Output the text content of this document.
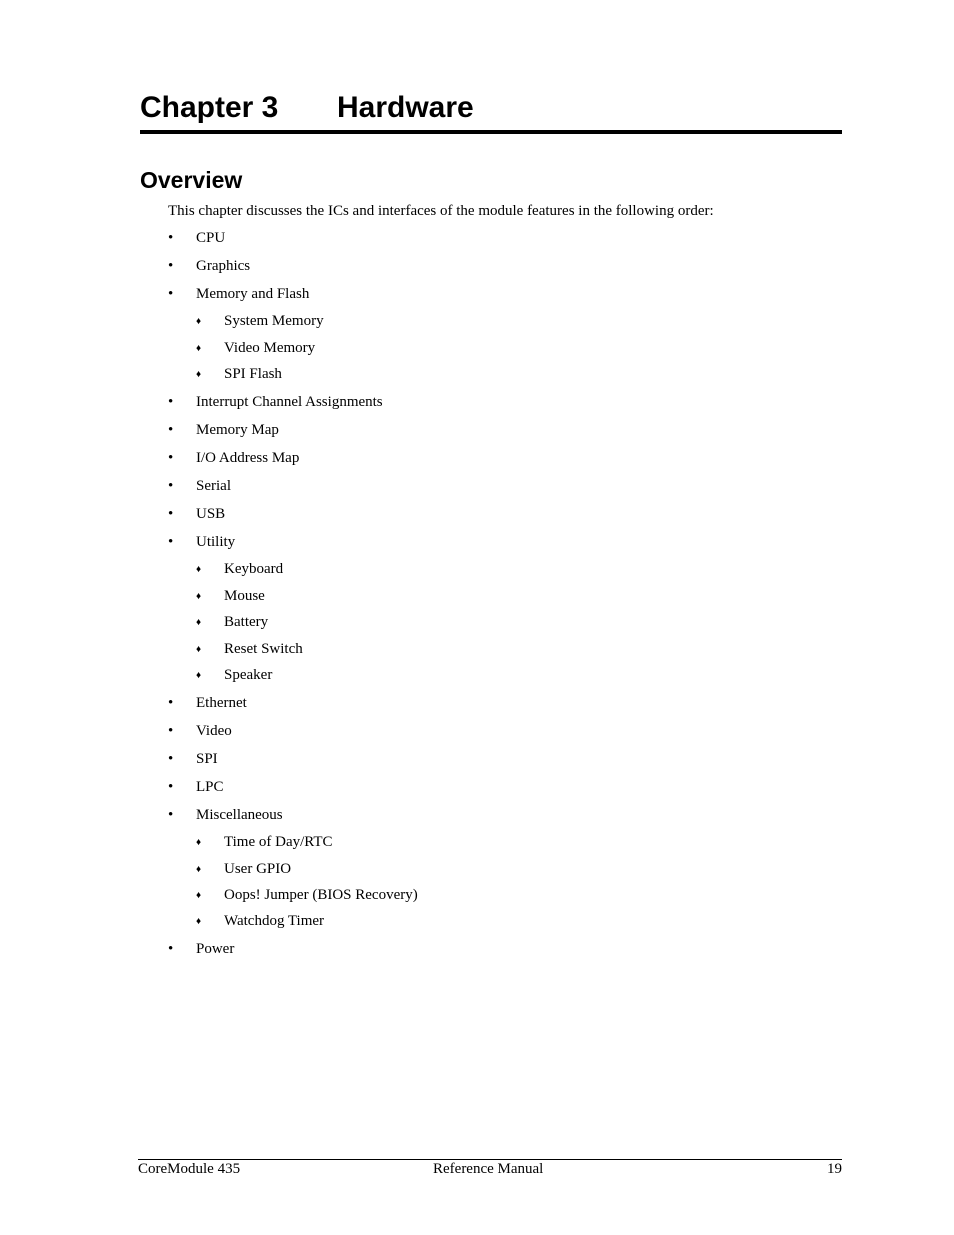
Chapter 3 Hardware
Overview

This chapter discusses the ICs and interfaces of the module features in the following order:

• CPU
• Graphics
• Memory and Flash
♦ System Memory
♦ Video Memory
♦ SPI Flash
• Interrupt Channel Assignments
• Memory Map
• I/O Address Map
• Serial
• USB
• Utility
♦ Keyboard
♦ Mouse
♦ Battery
♦ Reset Switch
♦ Speaker
• Ethernet
• Video
• SPI
• LPC
• Miscellaneous
♦ Time of Day/RTC
♦ User GPIO
♦ Oops! Jumper (BIOS Recovery)
♦ Watchdog Timer
• Power
CoreModule 435	Reference Manual	19
